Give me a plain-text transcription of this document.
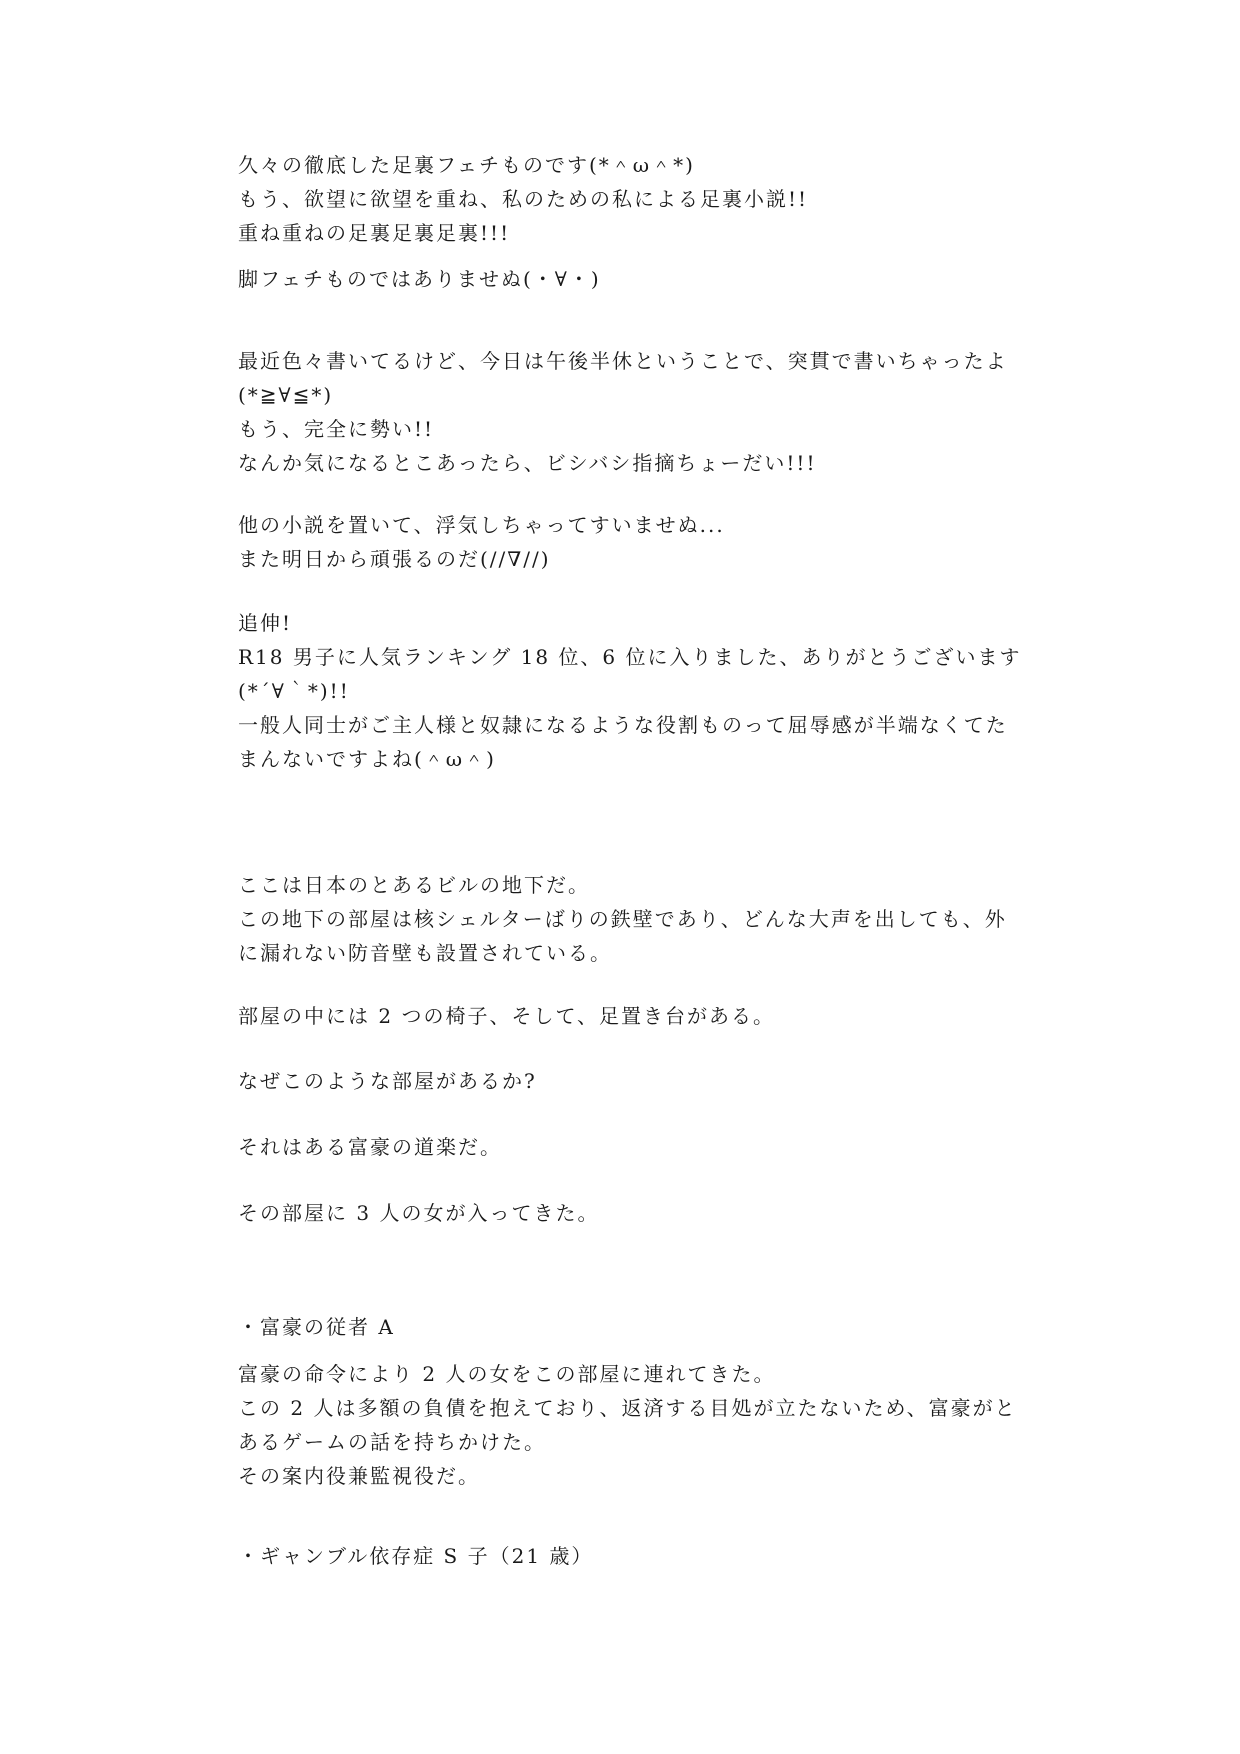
久々の徹底した足裏フェチものです(*＾ω＾*)
もう、欲望に欲望を重ね、私のための私による足裏小説!!
重ね重ねの足裏足裏足裏!!!
脚フェチものではありませぬ(・∀・)
最近色々書いてるけど、今日は午後半休ということで、突貫で書いちゃったよ
(*≧∀≦*)
もう、完全に勢い!!
なんか気になるとこあったら、ビシバシ指摘ちょーだい!!!
他の小説を置いて、浮気しちゃってすいませぬ...
また明日から頑張るのだ(//∇//)
追伸!
R18 男子に人気ランキング 18 位、6 位に入りました、ありがとうございます
(*´∀｀*)!!
一般人同士がご主人様と奴隷になるような役割ものって屈辱感が半端なくてた
まんないですよね(＾ω＾)
ここは日本のとあるビルの地下だ。
この地下の部屋は核シェルターばりの鉄壁であり、どんな大声を出しても、外
に漏れない防音壁も設置されている。
部屋の中には 2 つの椅子、そして、足置き台がある。
なぜこのような部屋があるか?
それはある富豪の道楽だ。
その部屋に 3 人の女が入ってきた。
・富豪の従者 A
富豪の命令により 2 人の女をこの部屋に連れてきた。
この 2 人は多額の負債を抱えており、返済する目処が立たないため、富豪がと
あるゲームの話を持ちかけた。
その案内役兼監視役だ。
・ギャンブル依存症 S 子（21 歳）
